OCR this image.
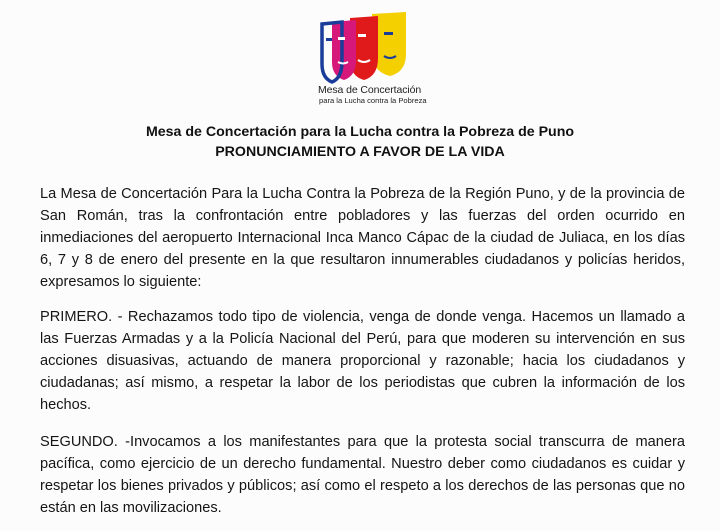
Mesa de Concertación
para la Lucha contra la Pobreza
Mesa de Concertación para la Lucha contra la Pobreza de Puno
PRONUNCIAMIENTO A FAVOR DE LA VIDA

La Mesa de Concertación Para la Lucha Contra la Pobreza de la Región Puno, y de la provincia de San Román, tras la confrontación entre pobladores y las fuerzas del orden ocurrido en inmediaciones del aeropuerto Internacional Inca Manco Cápac de la ciudad de Juliaca, en los días 6, 7 y 8 de enero del presente en la que resultaron innumerables ciudadanos y policías heridos, expresamos lo siguiente:

PRIMERO. - Rechazamos todo tipo de violencia, venga de donde venga. Hacemos un llamado a las Fuerzas Armadas y a la Policía Nacional del Perú, para que moderen su intervención en sus acciones disuasivas, actuando de manera proporcional y razonable; hacia los ciudadanos y ciudadanas; así mismo, a respetar la labor de los periodistas que cubren la información de los hechos.

SEGUNDO. -Invocamos a los manifestantes para que la protesta social transcurra de manera pacífica, como ejercicio de un derecho fundamental. Nuestro deber como ciudadanos es cuidar y respetar los bienes privados y públicos; así como el respeto a los derechos de las personas que no están en las movilizaciones.
